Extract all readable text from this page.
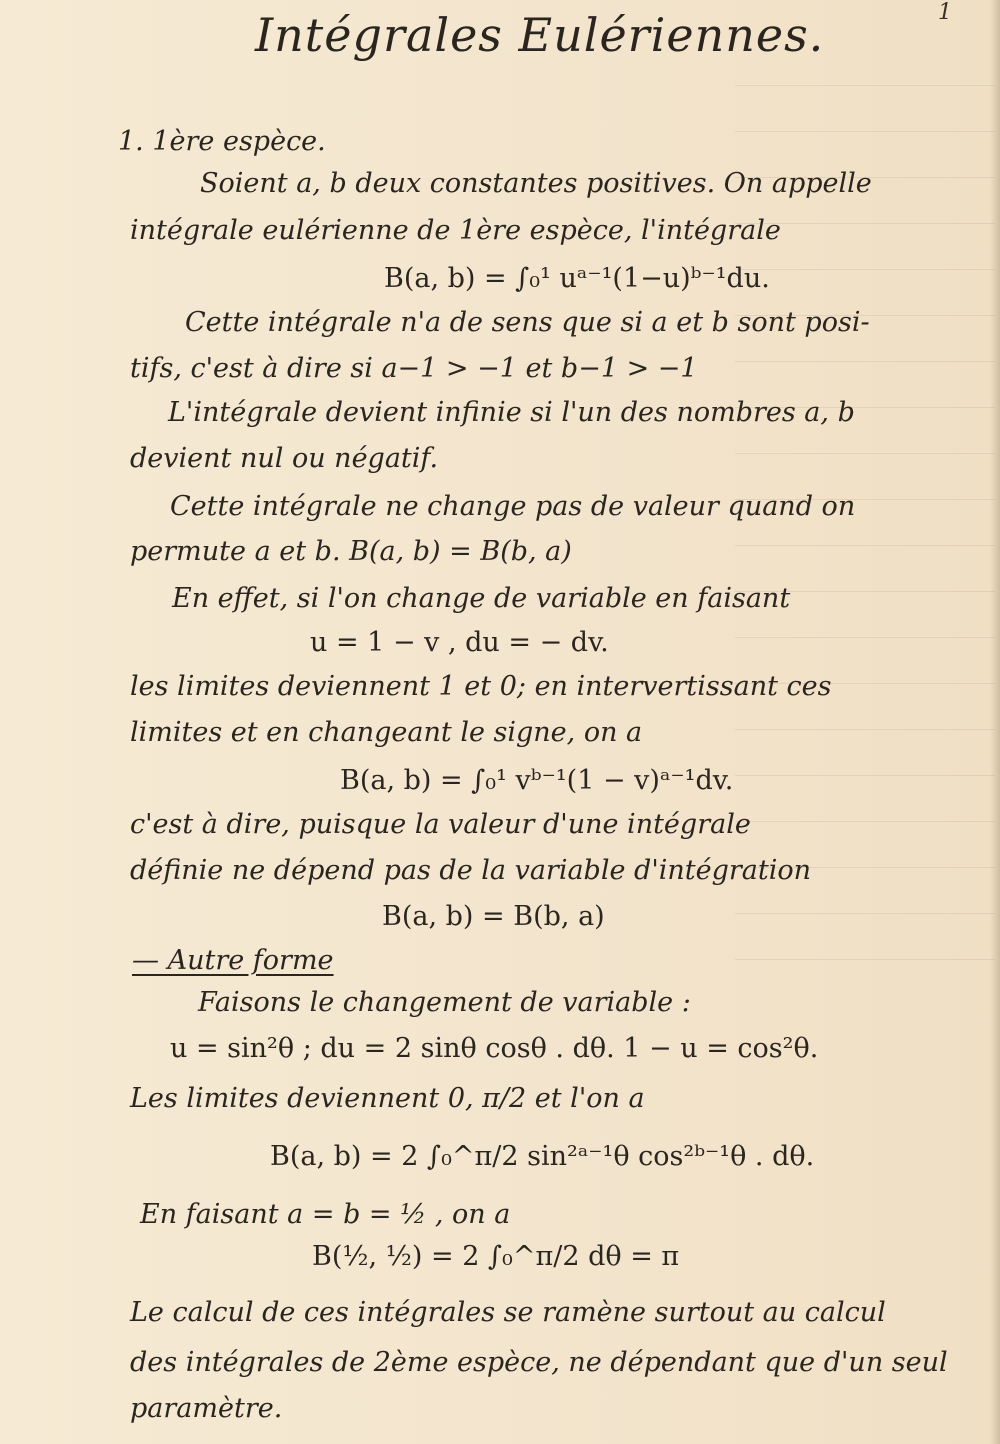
1
Intégrales Eulériennes.
1. 1ère espèce.
Soient a, b deux constantes positives. On appelle
intégrale eulérienne de 1ère espèce, l'intégrale
B(a, b) = ∫₀¹ uᵃ⁻¹(1−u)ᵇ⁻¹du.
Cette intégrale n'a de sens que si a et b sont posi-
tifs, c'est à dire si a−1 > −1 et b−1 > −1
L'intégrale devient infinie si l'un des nombres a, b
devient nul ou négatif.
Cette intégrale ne change pas de valeur quand on
permute a et b. B(a, b) = B(b, a)
En effet, si l'on change de variable en faisant
u = 1 − v , du = − dv.
les limites deviennent 1 et 0; en intervertissant ces
limites et en changeant le signe, on a
B(a, b) = ∫₀¹ vᵇ⁻¹(1 − v)ᵃ⁻¹dv.
c'est à dire, puisque la valeur d'une intégrale
définie ne dépend pas de la variable d'intégration
B(a, b) = B(b, a)
— Autre forme
Faisons le changement de variable :
u = sin²θ ; du = 2 sinθ cosθ . dθ. 1 − u = cos²θ.
Les limites deviennent 0, π/2 et l'on a
B(a, b) = 2 ∫₀^π/2 sin²ᵃ⁻¹θ cos²ᵇ⁻¹θ . dθ.
En faisant a = b = ½ , on a
B(½, ½) = 2 ∫₀^π/2 dθ = π
Le calcul de ces intégrales se ramène surtout au calcul
des intégrales de 2ème espèce, ne dépendant que d'un seul
paramètre.
